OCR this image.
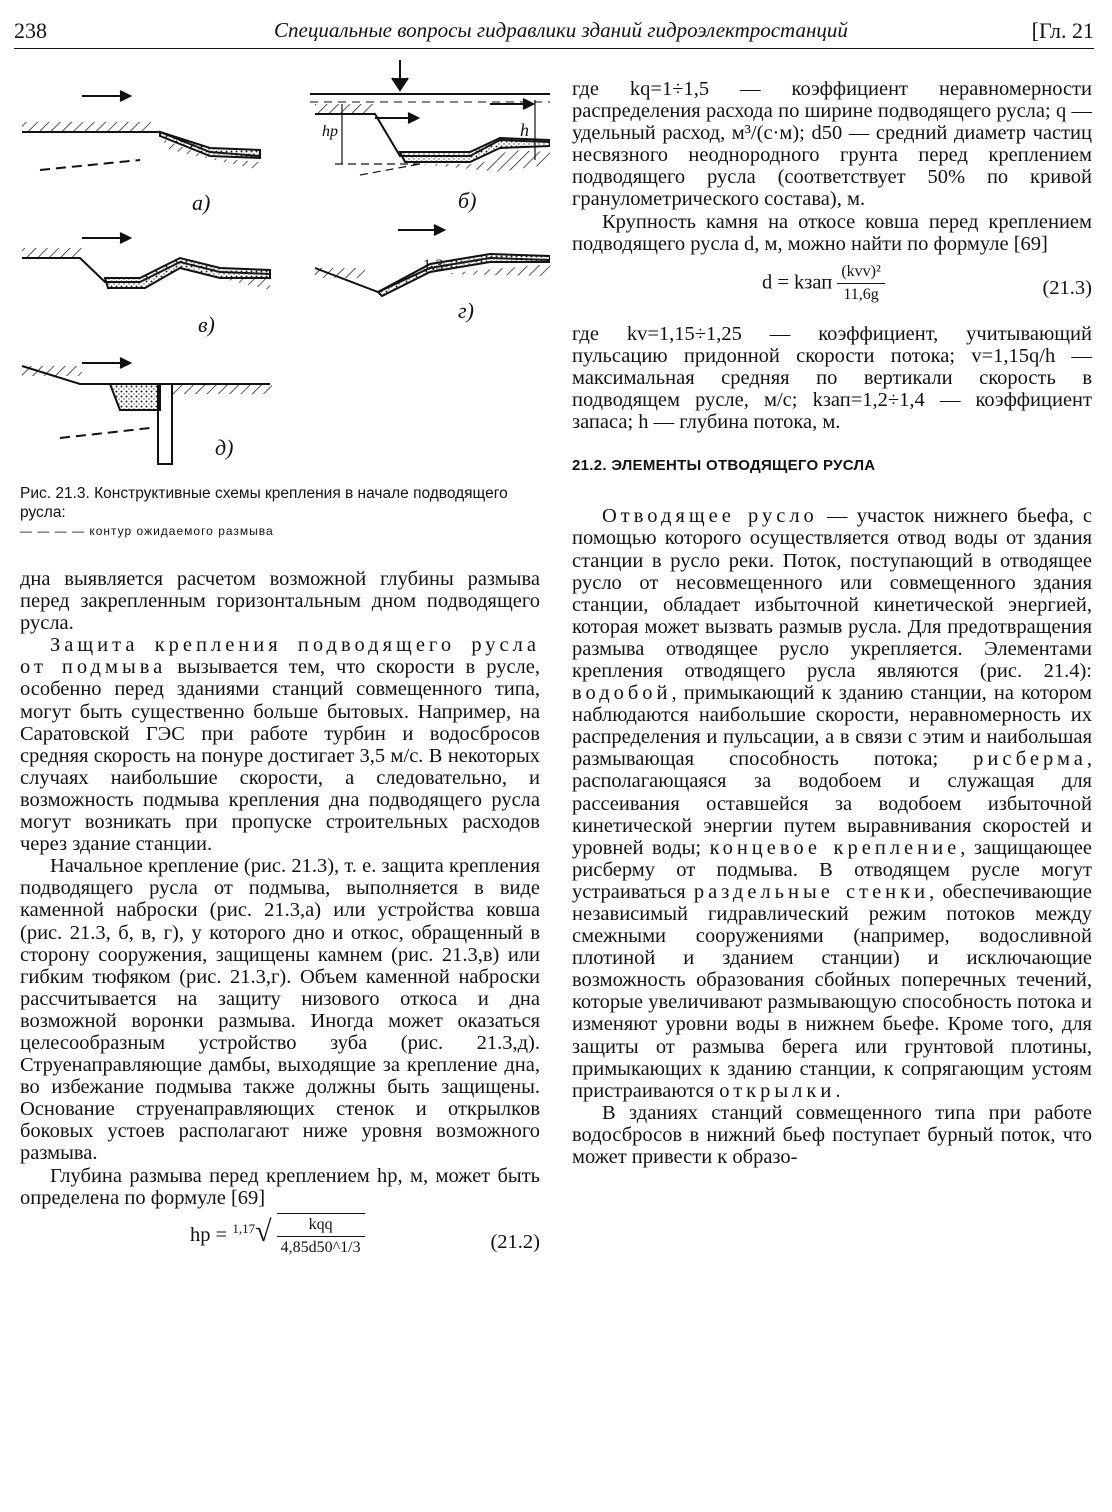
238	Специальные вопросы гидравлики зданий гидроэлектростанций	[Гл. 21
а)	б)
в)
г)
д)
1:3
hp	h
Рис. 21.3. Конструктивные схемы крепления в начале подводящего русла:
— — — — контур ожидаемого размыва

дна выявляется расчетом возможной глубины размыва перед закрепленным горизонтальным дном подводящего русла.

Защита крепления подводящего русла от подмыва вызывается тем, что скорости в русле, особенно перед зданиями станций совмещенного типа, могут быть существенно больше бытовых. Например, на Саратовской ГЭС при работе турбин и водосбросов средняя скорость на понуре достигает 3,5 м/с. В некоторых случаях наибольшие скорости, а следовательно, и возможность подмыва крепления дна подводящего русла могут возникать при пропуске строительных расходов через здание станции.

Начальное крепление (рис. 21.3), т. е. защита крепления подводящего русла от подмыва, выполняется в виде каменной наброски (рис. 21.3,а) или устройства ковша (рис. 21.3, б, в, г), у которого дно и откос, обращенный в сторону сооружения, защищены камнем (рис. 21.3,в) или гибким тюфяком (рис. 21.3,г). Объем каменной наброски рассчитывается на защиту низового откоса и дна возможной воронки размыва. Иногда может оказаться целесообразным устройство зуба (рис. 21.3,д). Струенаправляющие дамбы, выходящие за крепление дна, во избежание подмыва также должны быть защищены. Основание струенаправляющих стенок и открылков боковых устоев располагают ниже уровня возможного размыва.

Глубина размыва перед креплением hp, м, может быть определена по формуле [69]

hp = $^{1,17}√ \frac{\text{kqq}}{4,85d50\^{}1/3}$	(21.2)

где kq=1÷1,5 — коэффициент неравномерности распределения расхода по ширине подводящего русла; q — удельный расход, м³/(с·м); d50 — средний диаметр частиц несвязного неоднородного грунта перед креплением подводящего русла (соответствует 50% по кривой гранулометрического состава), м.

Крупность камня на откосе ковша перед креплением подводящего русла d, м, можно найти по формуле [69]

d = kзап $\frac{\text{(kvv)²}}{11,6g}$	(21.3)

где kv=1,15÷1,25 — коэффициент, учитывающий пульсацию придонной скорости потока; v=1,15q/h — максимальная средняя по вертикали скорость в подводящем русле, м/с; kзап=1,2÷1,4 — коэффициент запаса; h — глубина потока, м.

21.2. ЭЛЕМЕНТЫ ОТВОДЯЩЕГО РУСЛА

Отводящее русло — участок нижнего бьефа, с помощью которого осуществляется отвод воды от здания станции в русло реки. Поток, поступающий в отводящее русло от несовмещенного или совмещенного здания станции, обладает избыточной кинетической энергией, которая может вызвать размыв русла. Для предотвращения размыва отводящее русло укрепляется. Элементами крепления отводящего русла являются (рис. 21.4): водобой, примыкающий к зданию станции, на котором наблюдаются наибольшие скорости, неравномерность их распределения и пульсации, а в связи с этим и наибольшая размывающая способность потока; рисберма, располагающаяся за водобоем и служащая для рассеивания оставшейся за водобоем избыточной кинетической энергии путем выравнивания скоростей и уровней воды; концевое крепление, защищающее рисберму от подмыва. В отводящем русле могут устраиваться раздельные стенки, обеспечивающие независимый гидравлический режим потоков между смежными сооружениями (например, водосливной плотиной и зданием станции) и исключающие возможность образования сбойных поперечных течений, которые увеличивают размывающую способность потока и изменяют уровни воды в нижнем бьефе. Кроме того, для защиты от размыва берега или грунтовой плотины, примыкающих к зданию станции, к сопрягающим устоям пристраиваются открылки.

В зданиях станций совмещенного типа при работе водосбросов в нижний бьеф поступает бурный поток, что может привести к образо-
